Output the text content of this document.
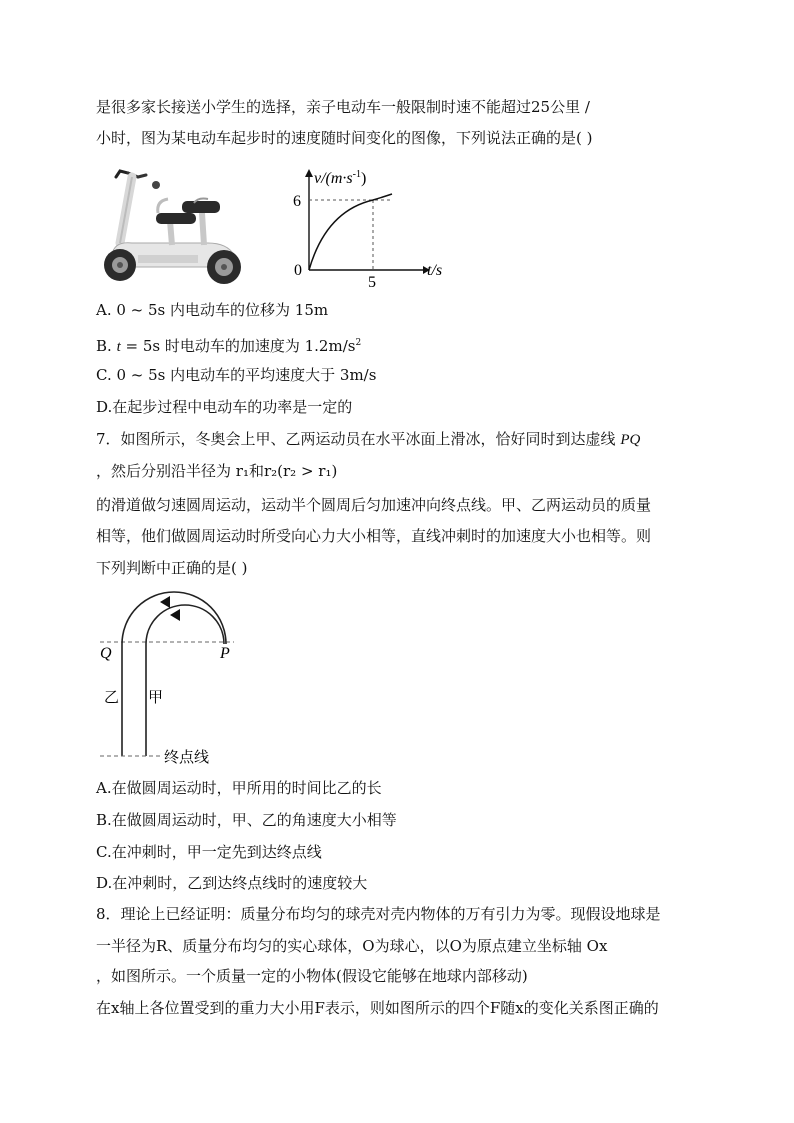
是很多家长接送小学生的选择，亲子电动车一般限制时速不能超过25公里 /
小时，图为某电动车起步时的速度随时间变化的图像，下列说法正确的是( )
$v/(m\cdot s^{-1})$
6
0
5
t/s
A. 0 ~ 5s 内电动车的位移为 15m
B. t = 5s 时电动车的加速度为 $1.2m/s^2$
C. 0 ~ 5s 内电动车的平均速度大于 3m/s
D.在起步过程中电动车的功率是一定的
7．如图所示，冬奥会上甲、乙两运动员在水平冰面上滑冰，恰好同时到达虚线 PQ
，然后分别沿半径为 r₁和r₂(r₂ > r₁)
的滑道做匀速圆周运动，运动半个圆周后匀加速冲向终点线。甲、乙两运动员的质量
相等，他们做圆周运动时所受向心力大小相等，直线冲刺时的加速度大小也相等。则
下列判断中正确的是( )
Q	P
乙 甲
终点线
A.在做圆周运动时，甲所用的时间比乙的长
B.在做圆周运动时，甲、乙的角速度大小相等
C.在冲刺时，甲一定先到达终点线
D.在冲刺时，乙到达终点线时的速度较大
8．理论上已经证明：质量分布均匀的球壳对壳内物体的万有引力为零。现假设地球是
一半径为R、质量分布均匀的实心球体，O为球心，以O为原点建立坐标轴 Ox
，如图所示。一个质量一定的小物体(假设它能够在地球内部移动)
在x轴上各位置受到的重力大小用F表示，则如图所示的四个F随x的变化关系图正确的
